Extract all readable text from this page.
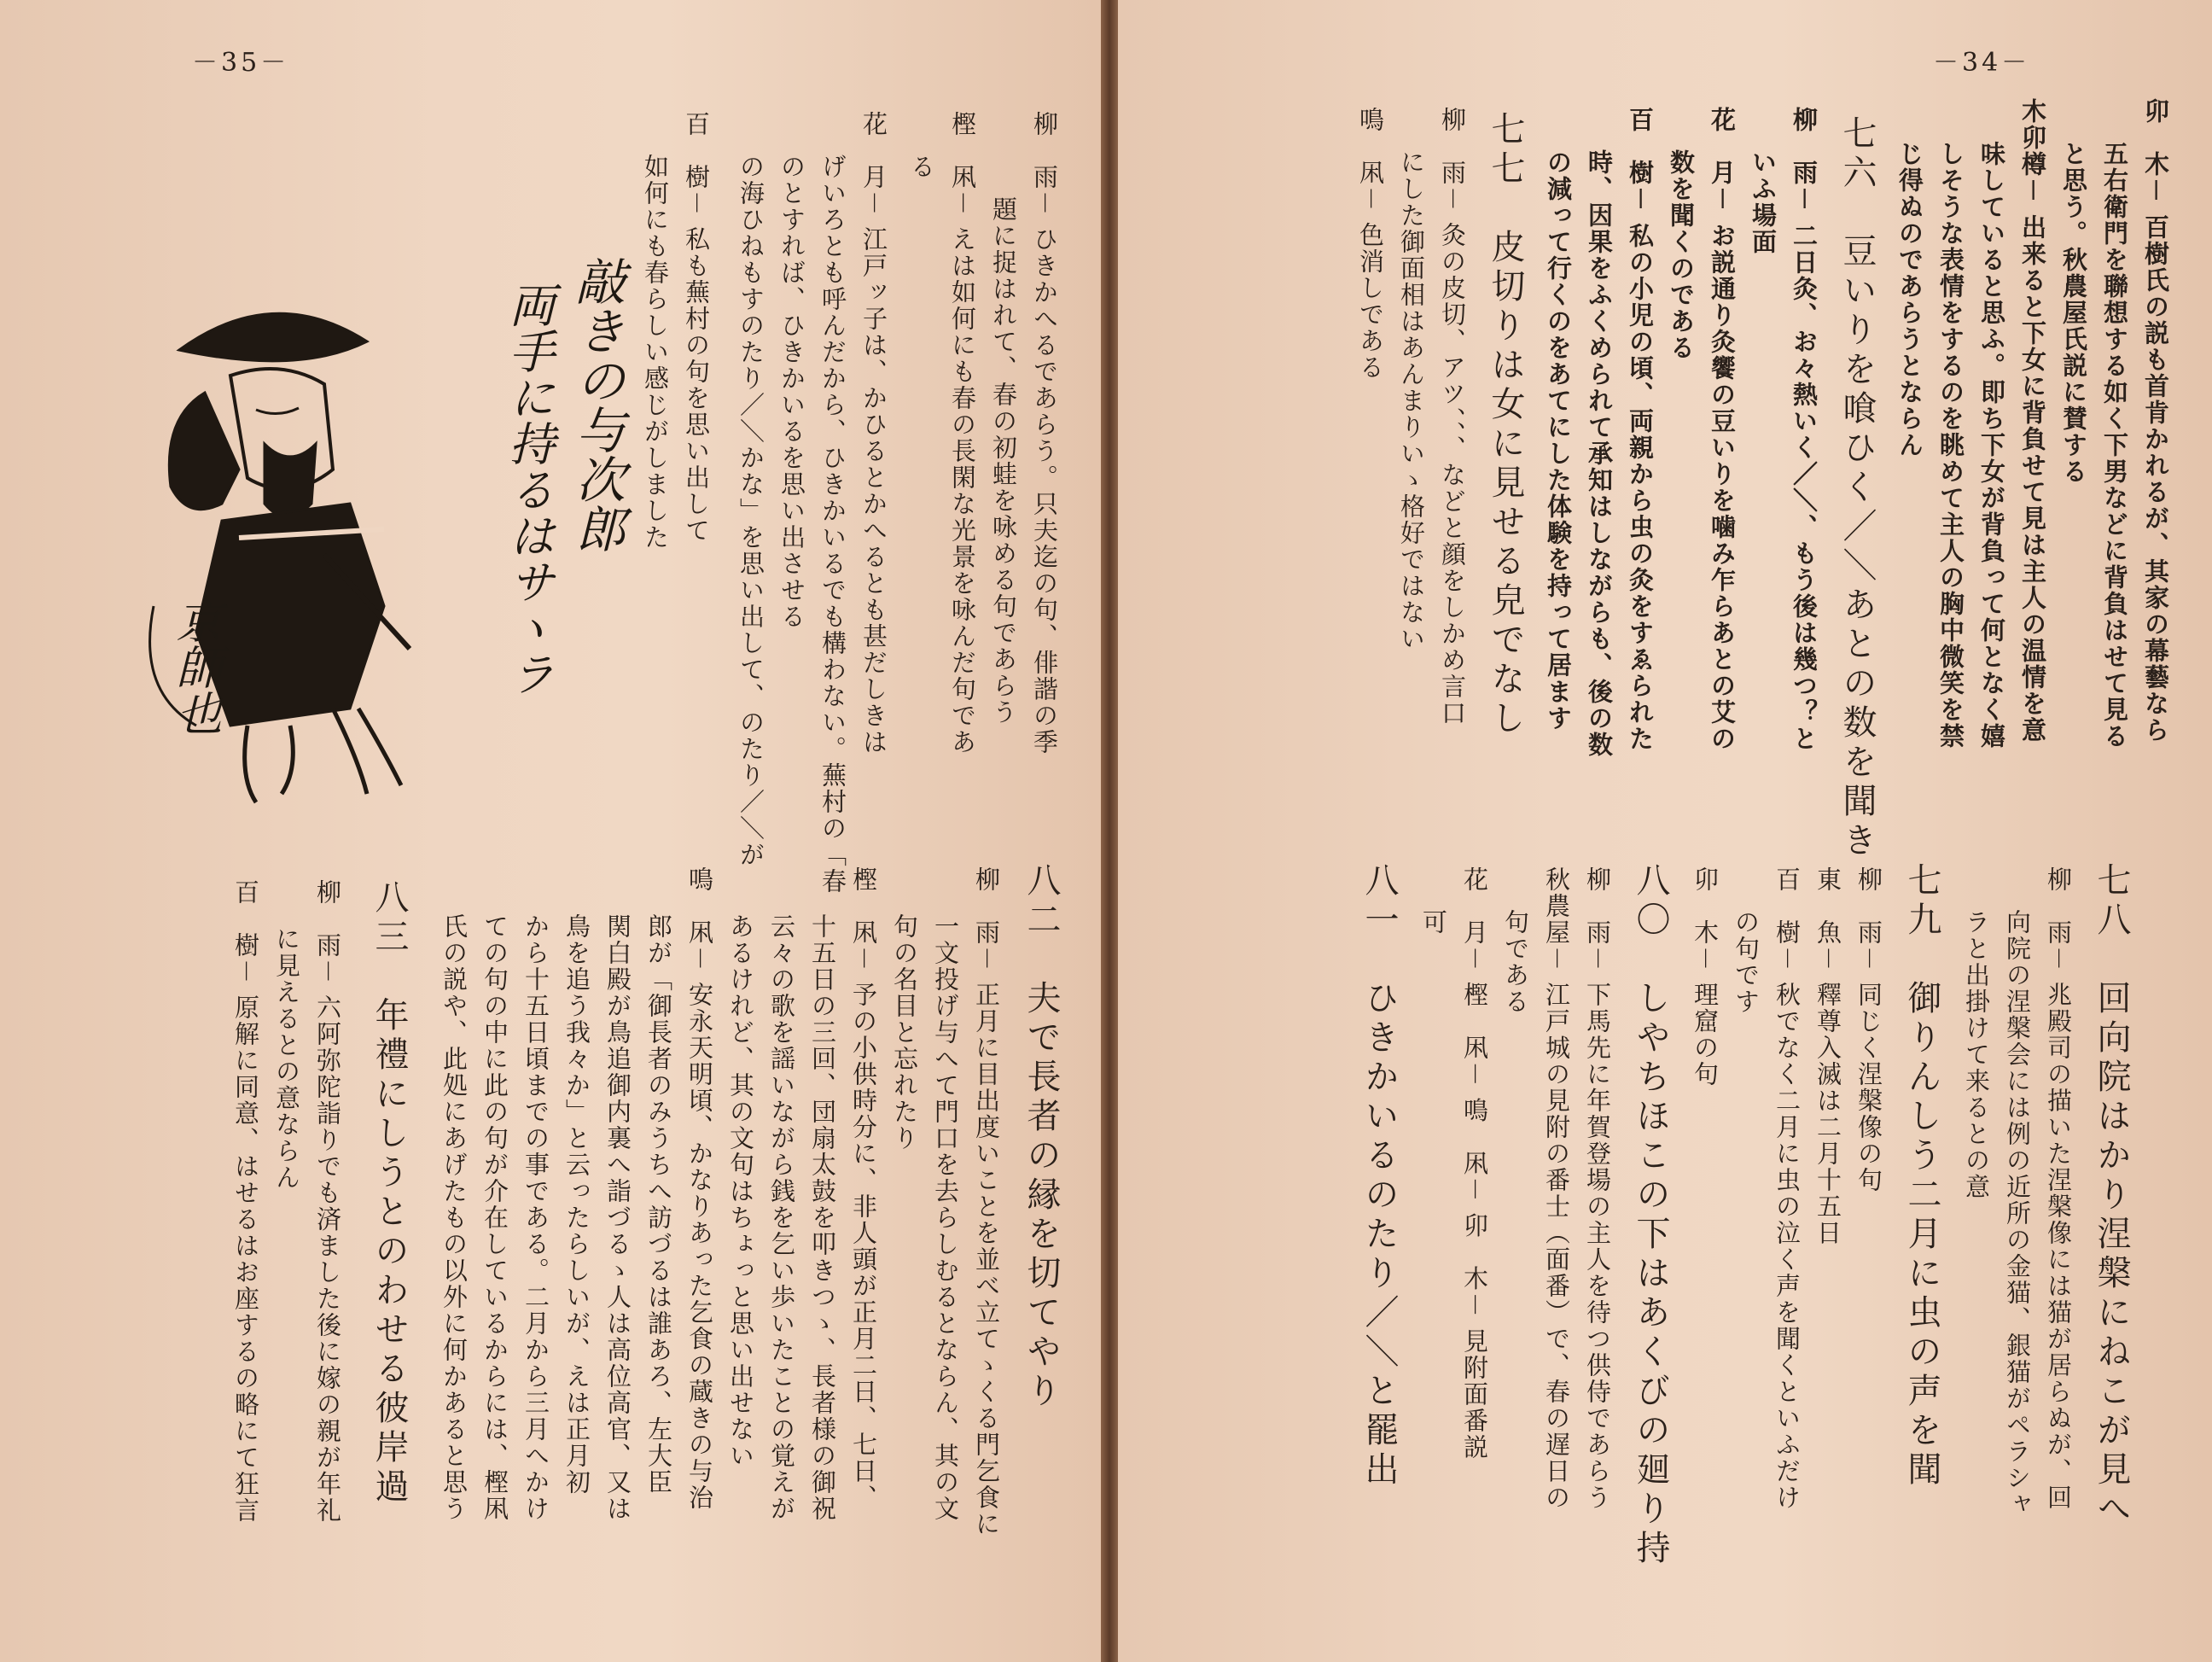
－35－
柳　雨－ ひきかへるであらう。只夫迄の句、俳諧の季
題に捉はれて、春の初蛙を咏める句であらう
樫　凩－ えは如何にも春の長閑な光景を咏んだ句であ
る
花　月－ 江戸ッ子は、かひるとかへるとも甚だしきは
げいろとも呼んだから、ひきかいるでも構わない。蕪村の「春
のとすれば、ひきかいるを思い出させる
の海ひねもすのたり／＼かな」を思い出して、のたり／＼が
百　樹－ 私も蕪村の句を思い出して
如何にも春らしい感じがしました
敲きの与次郎
両手に持るはサヽラ
京師也
八二　夫で長者の縁を切てやり
柳　雨－ 正月に目出度いことを並べ立てゝくる門乞食に
一文投げ与へて門口を去らしむるとならん、其の文
句の名目と忘れたり
樫　凩－ 予の小供時分に、非人頭が正月二日、七日、
十五日の三回、団扇太鼓を叩きつゝ、長者様の御祝
云々の歌を謡いながら銭を乞い歩いたことの覚えが
あるけれど、其の文句はちょっと思い出せない
鳴　凩－ 安永天明頃、かなりあった乞食の蔵きの与治
郎が「御長者のみうちへ訪づるは誰あろ、左大臣
関白殿が鳥追御内裏へ詣づるゝ人は高位高官、又は
鳥を追う我々か」と云ったらしいが、えは正月初
から十五日頃までの事である。二月から三月へかけ
ての句の中に此の句が介在しているからには、樫凩
氏の説や、此処にあげたもの以外に何かあると思う
八三　年禮にしうとのわせる彼岸過
柳　雨－ 六阿弥陀詣りでも済ました後に嫁の親が年礼
に見えるとの意ならん
百　樹－ 原解に同意、はせるはお座するの略にて狂言
－34－
卯　木－ 百樹氏の説も首肯かれるが、其家の幕藝なら
五右衛門を聯想する如く下男などに背負はせて見る
と思う。秋農屋氏説に賛する
木卯樽－ 出来ると下女に背負せて見は主人の温情を意
味していると思ふ。即ち下女が背負って何となく嬉
しそうな表情をするのを眺めて主人の胸中微笑を禁
じ得ぬのであらうとならん
七六　豆いりを喰ひく／＼あとの数を聞き
柳　雨－ 二日灸、お々熱いく／＼、もう後は幾つ？と
いふ場面
花　月－ お説通り灸饗の豆いりを噛み乍らあとの艾の
数を聞くのである
百　樹－ 私の小児の頃、両親から虫の灸をすゑられた
時、因果をふくめられて承知はしながらも、後の数
の減って行くのをあてにした体験を持って居ます
七七　皮切りは女に見せる皃でなし
柳　雨－ 灸の皮切、アツ、、、などと顔をしかめ言口
にした御面相はあんまりいゝ格好ではない
鳴　凩－ 色消しである
七八　回向院はかり涅槃にねこが見へ
柳　雨－ 兆殿司の描いた涅槃像には猫が居らぬが、回
向院の涅槃会には例の近所の金猫、銀猫がペラシャ
ラと出掛けて来るとの意
七九　御りんしう二月に虫の声を聞
柳　雨－ 同じく涅槃像の句
東　魚－ 釋尊入滅は二月十五日
百　樹－ 秋でなく二月に虫の泣く声を聞くといふだけ
の句です
卯　木－ 理窟の句
八〇　しやちほこの下はあくびの廻り持
柳　雨－ 下馬先に年賀登場の主人を待つ供侍であらう
秋農屋－ 江戸城の見附の番士（面番）で、春の遅日の
句である
花　月－ 樫　凩－ 鳴　凩－ 卯　木－ 見附面番説
可
八一　ひきかいるのたり／＼と罷出
